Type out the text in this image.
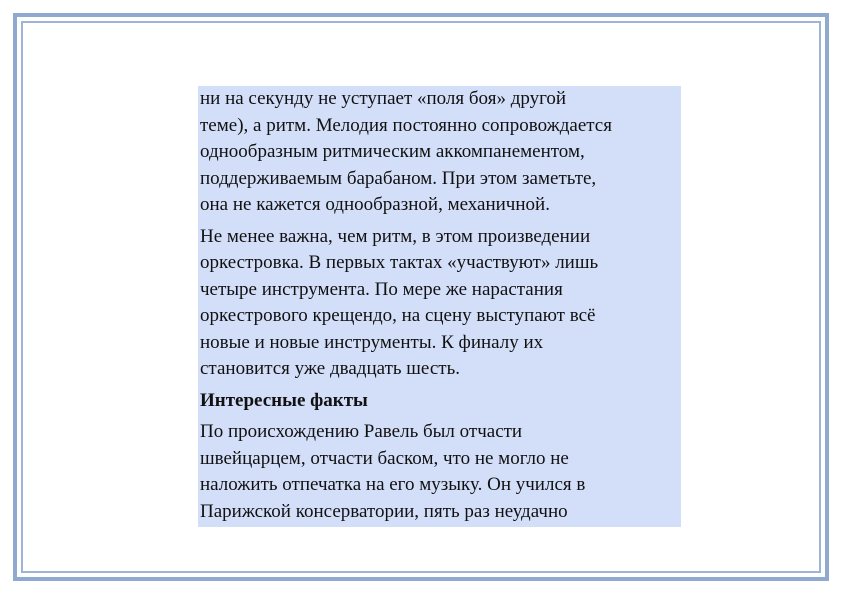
ни на секунду не уступает «поля боя» другой
теме), а ритм. Мелодия постоянно сопровождается
однообразным ритмическим аккомпанементом,
поддерживаемым барабаном. При этом заметьте,
она не кажется однообразной, механичной.

Не менее важна, чем ритм, в этом произведении
оркестровка. В первых тактах «участвуют» лишь
четыре инструмента. По мере же нарастания
оркестрового крещендо, на сцену выступают всё
новые и новые инструменты. К финалу их
становится уже двадцать шесть.

Интересные факты

По происхождению Равель был отчасти
швейцарцем, отчасти баском, что не могло не
наложить отпечатка на его музыку. Он учился в
Парижской консерватории, пять раз неудачно
